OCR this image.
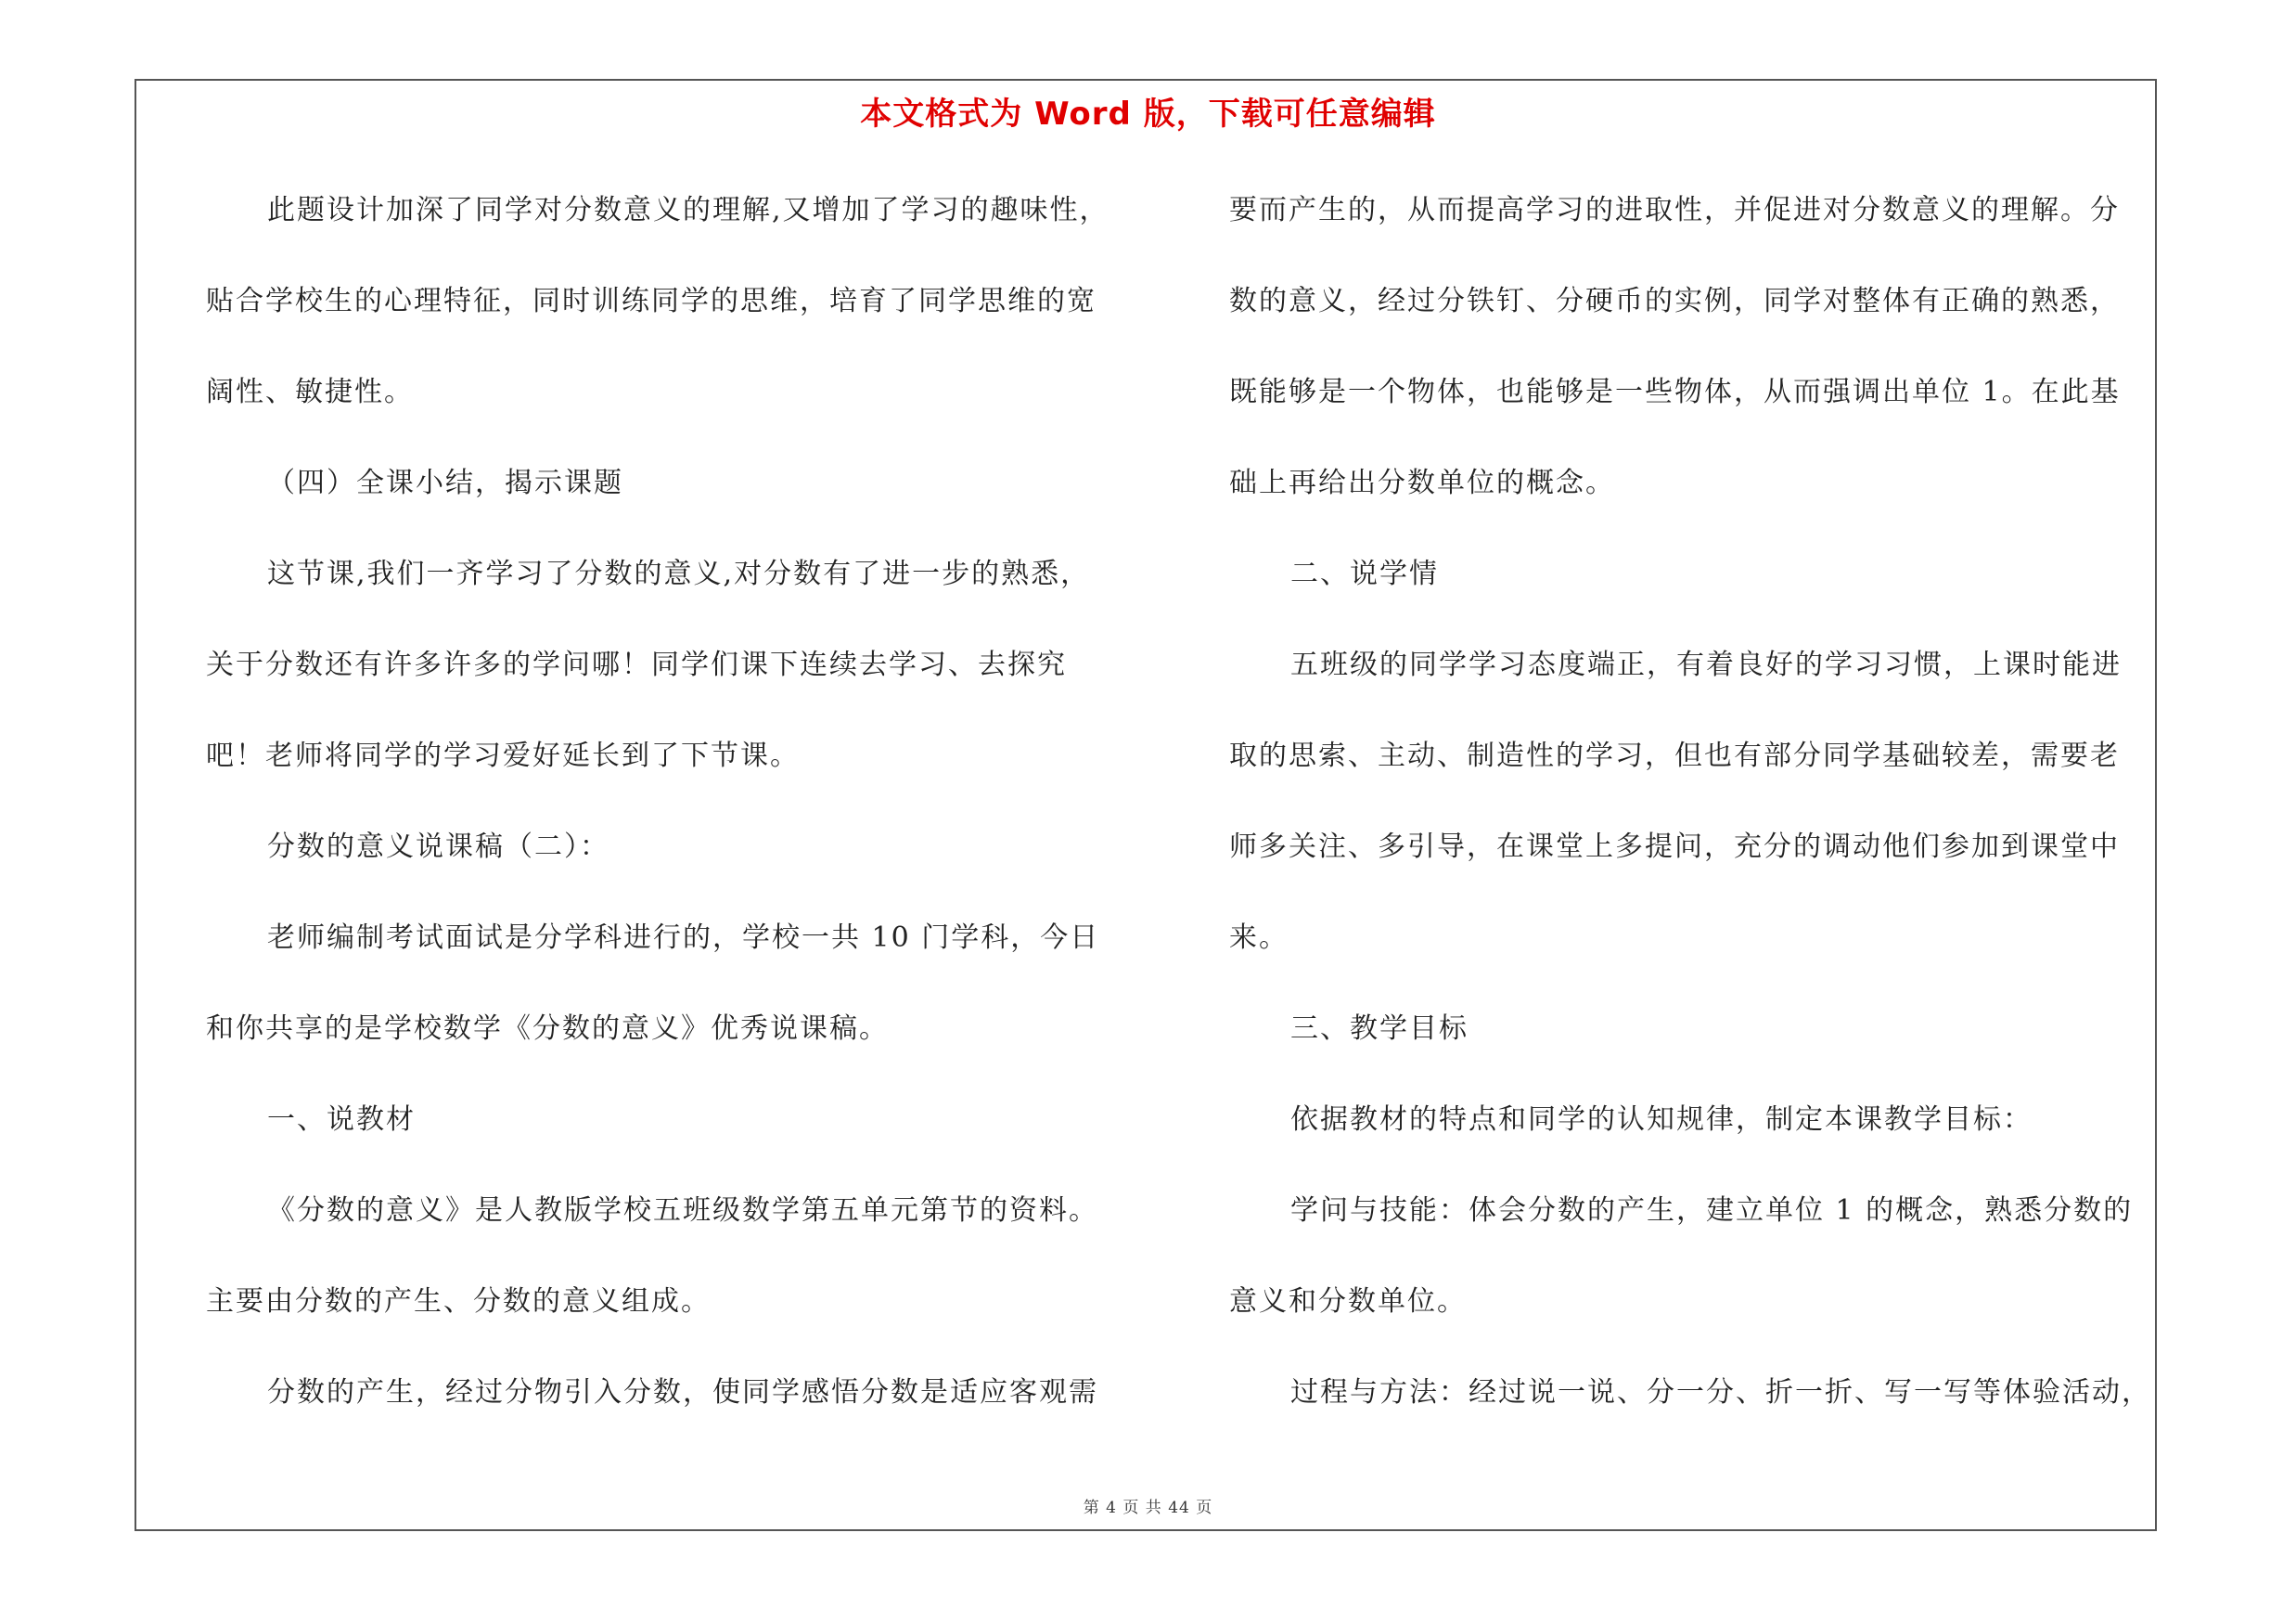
本文格式为 Word 版，下载可任意编辑
此题设计加深了同学对分数意义的理解,又增加了学习的趣味性，
贴合学校生的心理特征，同时训练同学的思维，培育了同学思维的宽
阔性、敏捷性。
（四）全课小结，揭示课题
这节课,我们一齐学习了分数的意义,对分数有了进一步的熟悉，
关于分数还有许多许多的学问哪！同学们课下连续去学习、去探究
吧！老师将同学的学习爱好延长到了下节课。
分数的意义说课稿（二）：
老师编制考试面试是分学科进行的，学校一共 10 门学科，今日
和你共享的是学校数学《分数的意义》优秀说课稿。
一、说教材
《分数的意义》是人教版学校五班级数学第五单元第节的资料。
主要由分数的产生、分数的意义组成。
分数的产生，经过分物引入分数，使同学感悟分数是适应客观需
要而产生的，从而提高学习的进取性，并促进对分数意义的理解。分
数的意义，经过分铁钉、分硬币的实例，同学对整体有正确的熟悉，
既能够是一个物体，也能够是一些物体，从而强调出单位 1。在此基
础上再给出分数单位的概念。
二、说学情
五班级的同学学习态度端正，有着良好的学习习惯，上课时能进
取的思索、主动、制造性的学习，但也有部分同学基础较差，需要老
师多关注、多引导，在课堂上多提问，充分的调动他们参加到课堂中
来。
三、教学目标
依据教材的特点和同学的认知规律，制定本课教学目标：
学问与技能：体会分数的产生，建立单位 1 的概念，熟悉分数的
意义和分数单位。
过程与方法：经过说一说、分一分、折一折、写一写等体验活动，
第 4 页 共 44 页
